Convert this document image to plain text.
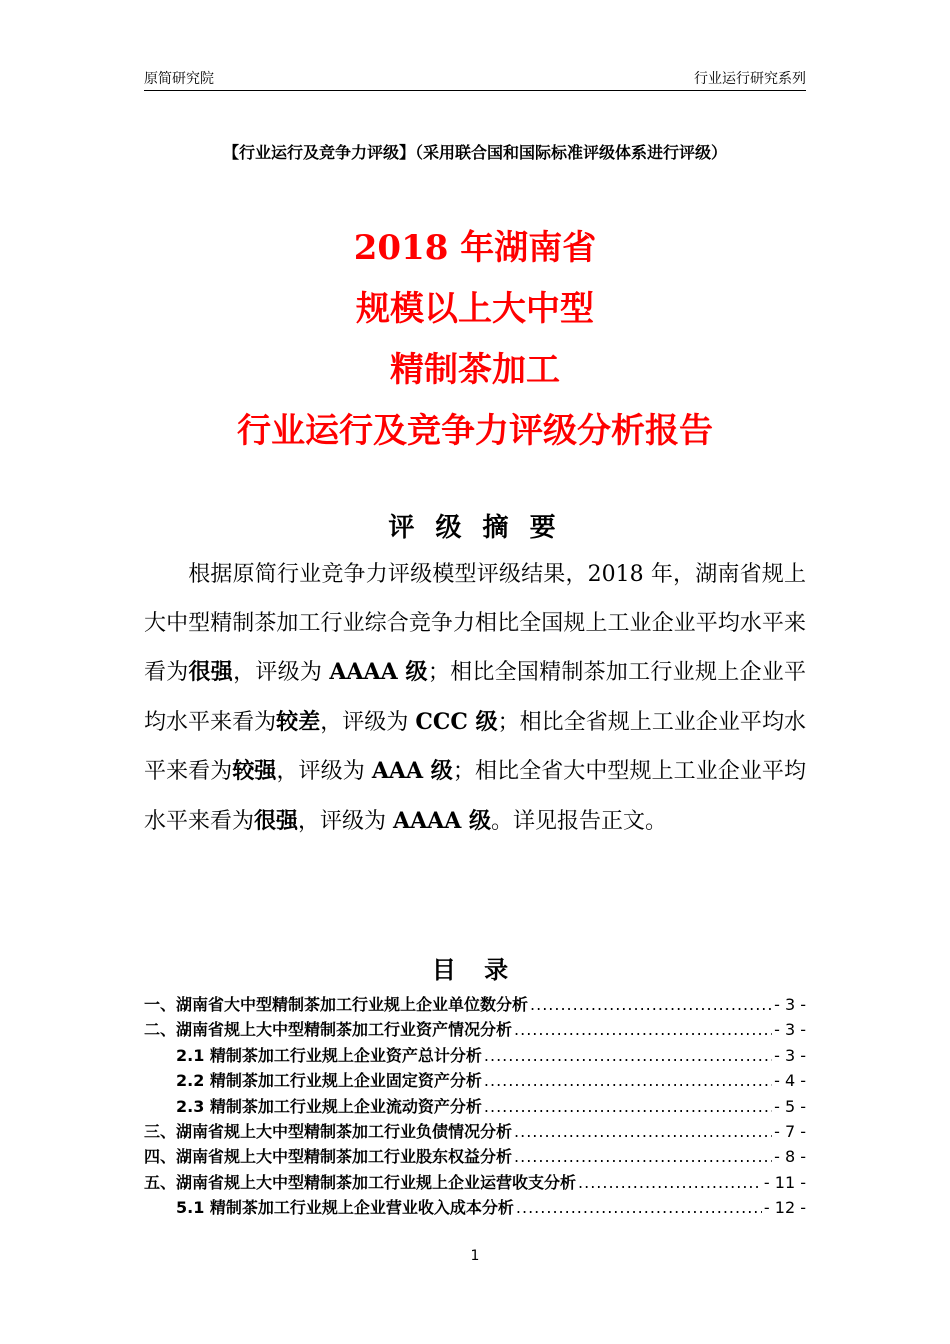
原简研究院	行业运行研究系列
【行业运行及竞争力评级】（采用联合国和国际标准评级体系进行评级）
2018 年湖南省
规模以上大中型
精制茶加工
行业运行及竞争力评级分析报告
评 级 摘 要
根据原简行业竞争力评级模型评级结果，2018 年，湖南省规上大中型精制茶加工行业综合竞争力相比全国规上工业企业平均水平来看为很强，评级为 AAAA 级；相比全国精制茶加工行业规上企业平均水平来看为较差，评级为 CCC 级；相比全省规上工业企业平均水平来看为较强，评级为 AAA 级；相比全省大中型规上工业企业平均水平来看为很强，评级为 AAAA 级。详见报告正文。
目 录
一、湖南省大中型精制茶加工行业规上企业单位数分析 .....	- 3 -
二、湖南省规上大中型精制茶加工行业资产情况分析 .....	- 3 -
2.1 精制茶加工行业规上企业资产总计分析 .....	- 3 -
2.2 精制茶加工行业规上企业固定资产分析 .....	- 4 -
2.3 精制茶加工行业规上企业流动资产分析 .....	- 5 -
三、湖南省规上大中型精制茶加工行业负债情况分析 .....	- 7 -
四、湖南省规上大中型精制茶加工行业股东权益分析 .....	- 8 -
五、湖南省规上大中型精制茶加工行业规上企业运营收支分析 .....	- 11 -
5.1 精制茶加工行业规上企业营业收入成本分析 .....	- 12 -
1
